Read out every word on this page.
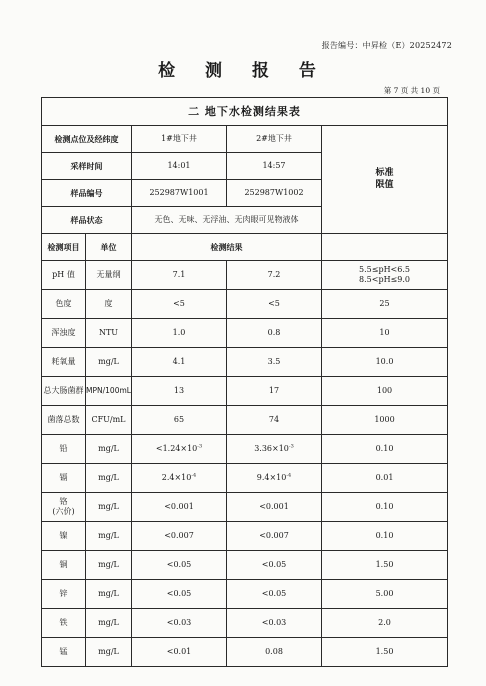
报告编号：中昇检（E）20252472
检 测 报 告
第 7 页 共 10 页
二 地下水检测结果表				
检测点位及经纬度		1#地下井	2#地下井	标准
限值
采样时间		14:01	14:57	
样品编号		252987W1001	252987W1002	
样品状态		无色、无味、无浮油、无肉眼可见物液体		
检测项目	单位	检测结果		
pH 值	无量纲	7.1	7.2	5.5≤pH<6.5
8.5<pH≤9.0
色度	度	<5	<5	25
浑浊度	NTU	1.0	0.8	10
耗氧量	mg/L	4.1	3.5	10.0
总大肠菌群	MPN/100mL	13	17	100
菌落总数	CFU/mL	65	74	1000
铅	mg/L	$<1.24\times 10^{-3}$	$3.36\times 10^{-3}$	0.10
镉	mg/L	$2.4\times 10^{-4}$	$9.4\times 10^{-4}$	0.01
铬
(六价)	mg/L	<0.001	<0.001	0.10
镍	mg/L	<0.007	<0.007	0.10
铜	mg/L	<0.05	<0.05	1.50
锌	mg/L	<0.05	<0.05	5.00
铁	mg/L	<0.03	<0.03	2.0
锰	mg/L	<0.01	0.08	1.50
